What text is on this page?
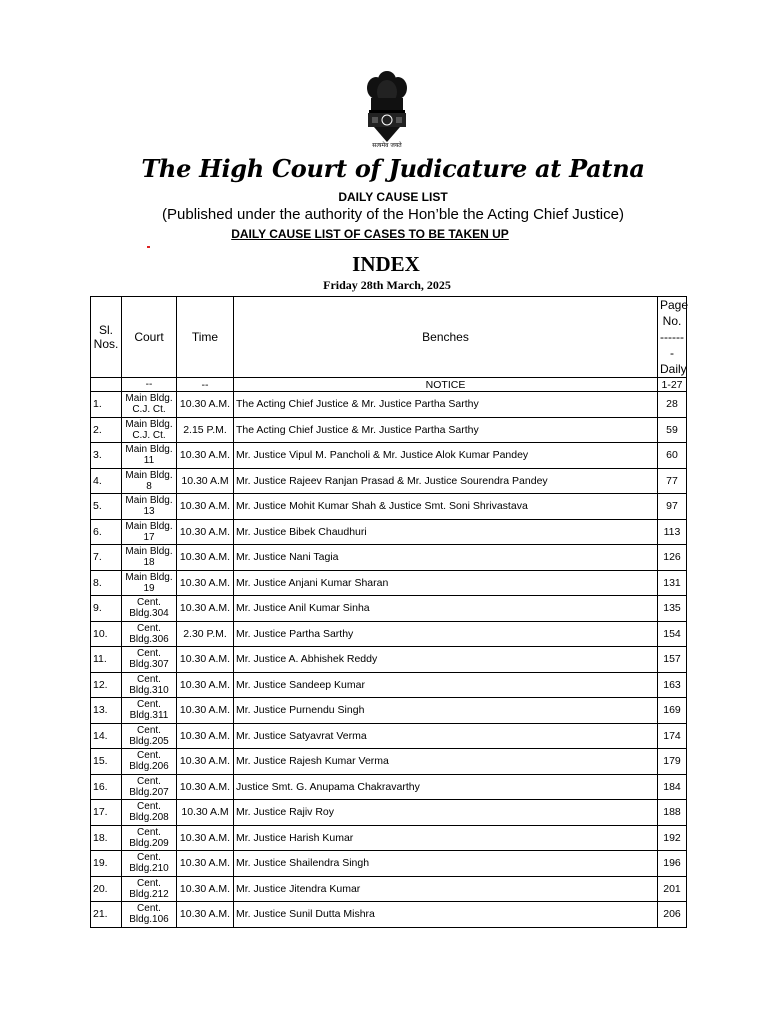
सत्यमेव जयते
The High Court of Judicature at Patna
DAILY CAUSE LIST
(Published under the authority of the Hon’ble the Acting Chief Justice)
DAILY CAUSE LIST OF CASES TO BE TAKEN UP
INDEX
Friday 28th March, 2025
Sl. Nos.	Court	Time	Benches	Page
No.
-------
Daily

	--	--	NOTICE	1-27
1.	Main Bldg.
C.J. Ct.	10.30 A.M.	The Acting Chief Justice & Mr. Justice Partha Sarthy	28
2.	Main Bldg.
C.J. Ct.	2.15 P.M.	The Acting Chief Justice & Mr. Justice Partha Sarthy	59
3.	Main Bldg.
11	10.30 A.M.	Mr. Justice Vipul M. Pancholi & Mr. Justice Alok Kumar Pandey	60
4.	Main Bldg.
8	10.30 A.M	Mr. Justice Rajeev Ranjan Prasad & Mr. Justice Sourendra Pandey	77
5.	Main Bldg.
13	10.30 A.M.	Mr. Justice Mohit Kumar Shah & Justice Smt. Soni Shrivastava	97
6.	Main Bldg.
17	10.30 A.M.	Mr. Justice Bibek Chaudhuri	113
7.	Main Bldg.
18	10.30 A.M.	Mr. Justice Nani Tagia	126
8.	Main Bldg.
19	10.30 A.M.	Mr. Justice Anjani Kumar Sharan	131
9.	Cent.
Bldg.304	10.30 A.M.	Mr. Justice Anil Kumar Sinha	135
10.	Cent.
Bldg.306	2.30 P.M.	Mr. Justice Partha Sarthy	154
11.	Cent.
Bldg.307	10.30 A.M.	Mr. Justice A. Abhishek Reddy	157
12.	Cent.
Bldg.310	10.30 A.M.	Mr. Justice Sandeep Kumar	163
13.	Cent.
Bldg.311	10.30 A.M.	Mr. Justice Purnendu Singh	169
14.	Cent.
Bldg.205	10.30 A.M.	Mr. Justice Satyavrat Verma	174
15.	Cent.
Bldg.206	10.30 A.M.	Mr. Justice Rajesh Kumar Verma	179
16.	Cent.
Bldg.207	10.30 A.M.	Justice Smt. G. Anupama Chakravarthy	184
17.	Cent.
Bldg.208	10.30 A.M	Mr. Justice Rajiv Roy	188
18.	Cent.
Bldg.209	10.30 A.M.	Mr. Justice Harish Kumar	192
19.	Cent.
Bldg.210	10.30 A.M.	Mr. Justice Shailendra Singh	196
20.	Cent.
Bldg.212	10.30 A.M.	Mr. Justice Jitendra Kumar	201
21.	Cent.
Bldg.106	10.30 A.M.	Mr. Justice Sunil Dutta Mishra	206
